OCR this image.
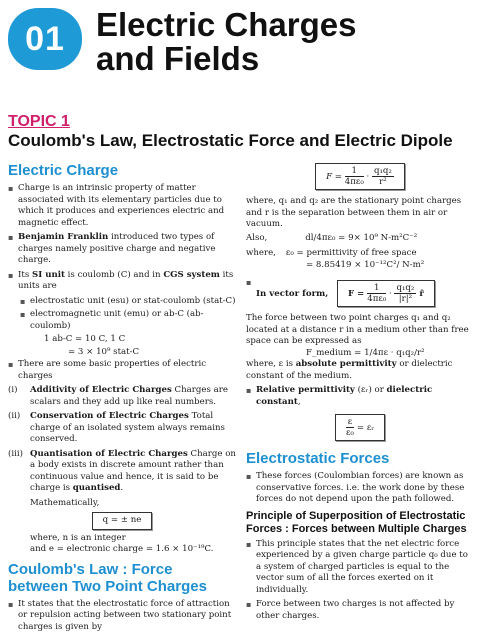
01 Electric Charges
and Fields
TOPIC 1
Coulomb's Law, Electrostatic Force and Electric Dipole
Electric Charge
▪ Charge is an intrinsic property of matter associated with its elementary particles due to which it produces and experiences electric and magnetic effect.
▪ Benjamin Franklin introduced two types of charges namely positive charge and negative charge.
▪ Its SI unit is coulomb (C) and in CGS system its units are
▪ electrostatic unit (esu) or stat-coulomb (stat-C)
▪ electromagnetic unit (emu) or ab-C (ab-coulomb)
1 ab-C = 10 C, 1 C
= 3 × 10⁹ stat-C
▪ There are some basic properties of electric charges
(i) Additivity of Electric Charges Charges are scalars and they add up like real numbers.
(ii) Conservation of Electric Charges Total charge of an isolated system always remains conserved.
(iii) Quantisation of Electric Charges Charge on a body exists in discrete amount rather than continuous value and hence, it is said to be charge is quantised.
Mathematically,
q = ± ne
where, n is an integer
and e = electronic charge = 1.6 × 10⁻¹⁹C.
Coulomb's Law : Force between Two Point Charges
▪ It states that the electrostatic force of attraction or repulsion acting between two stationary point charges is given by
$F = \frac{1}{\text{4πε₀}} \cdot \frac{\text{q₁q₂}}{\text{r²}}$
where, q₁ and q₂ are the stationary point charges and r is the separation between them in air or vacuum.
Also,	dl/4πε₀ = 9× 10⁹ N-m²C⁻²
where, ε₀ = permittivity of free space
= 8.85419 × 10⁻¹²C²/ N-m²
▪ In vector form, $F = \frac{1}{\text{4πε₀}} \cdot \frac{\text{q₁q₂}}{\text{|r|²}}$ r̂
The force between two point charges q₁ and q₂ located at a distance r in a medium other than free space can be expressed as
F_medium = 1/4πε · q₁q₂/r²
where, ε is absolute permittivity or dielectric constant of the medium.
▪ Relative permittivity (εᵣ) or dielectric constant,
$\frac{\varepsilon}{\text{ε₀}}$ = εᵣ
Electrostatic Forces
▪ These forces (Coulombian forces) are known as conservative forces. i.e. the work done by these forces do not depend upon the path followed.
Principle of Superposition of Electrostatic Forces : Forces between Multiple Charges
▪ This principle states that the net electric force experienced by a given charge particle q₀ due to a system of charged particles is equal to the vector sum of all the forces exerted on it individually.
▪ Force between two charges is not affected by other charges.
